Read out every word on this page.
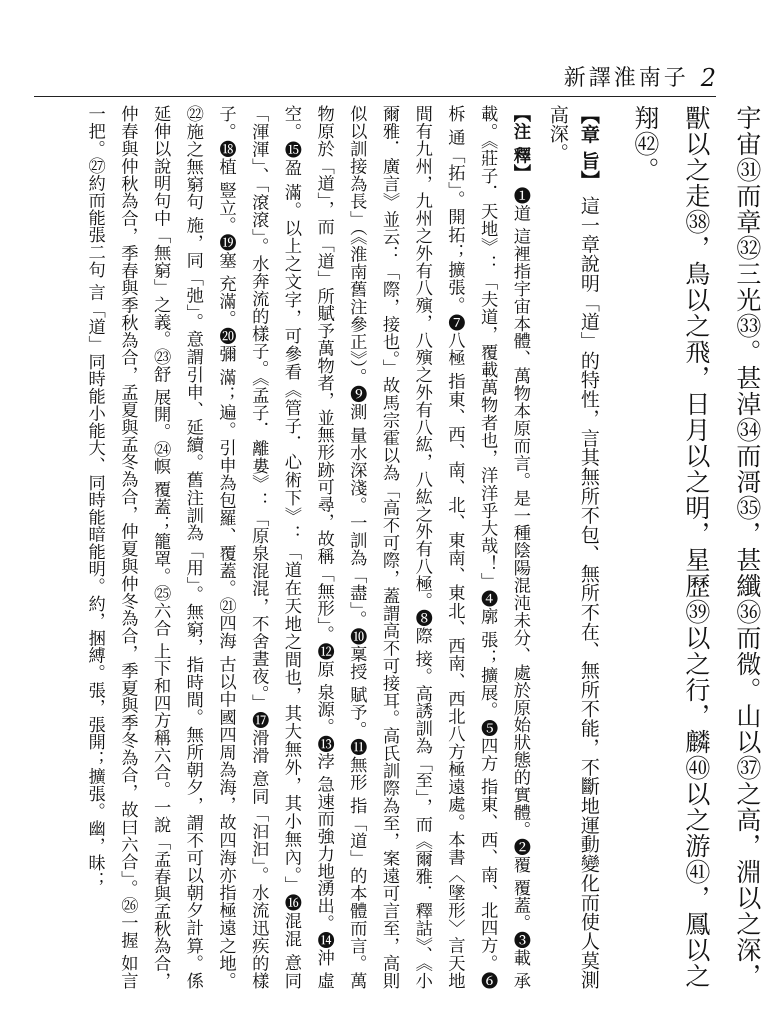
新譯淮南子 2

宇宙㉛而章㉜三光㉝。甚淖㉞而滒㉟，甚纖㊱而微。山以㊲之高，淵以之深，獸以之走㊳，鳥以之飛，日月以之明，星歷㊴以之行，麟㊵以之游㊶，鳳以之翔㊷。

【章 旨】 這一章說明「道」的特性，言其無所不包、無所不在、無所不能，不斷地運動變化而使人莫測高深。

【注 釋】 ❶道 這裡指宇宙本體、萬物本原而言。是一種陰陽混沌未分、處於原始狀態的實體。❷覆 覆蓋。❸載 承載。《莊子．天地》：「夫道，覆載萬物者也，洋洋乎大哉！」❹廓 張；擴展。❺四方 指東、西、南、北四方。❻柝 通「拓」。開拓；擴張。❼八極 指東、西、南、北、東南、東北、西南、西北八方極遠處。本書〈墬形〉言天地間有九州，九州之外有八殥，八殥之外有八紘，八紘之外有八極。❽際 接。高誘訓為「至」，而《爾雅．釋詁》、《小爾雅．廣言》並云：「際，接也。」故馬宗霍以為「高不可際，蓋謂高不可接耳。高氏訓際為至，案遠可言至，高則似以訓接為長」（《淮南舊注參正》）。❾測 量水深淺。一訓為「盡」。❿稟授 賦予。⓫無形 指「道」的本體而言。萬物原於「道」，而「道」所賦予萬物者，並無形跡可尋，故稱「無形」。⓬原 泉源。⓭浡 急速而強力地湧出。⓮沖 虛空。⓯盈 滿。以上之文字，可參看《管子．心術下》：「道在天地之間也，其大無外，其小無內。」⓰混混 意同「渾渾」、「滾滾」。水奔流的樣子。《孟子．離婁》：「原泉混混，不舍晝夜。」⓱滑滑 意同「汩汩」。水流迅疾的樣子。⓲植 豎立。⓳塞 充滿。⓴彌 滿；遍。引申為包羅、覆蓋。㉑四海 古以中國四周為海，故四海亦指極遠之地。㉒施之無窮句 施，同「弛」。意謂引申、延續。舊注訓為「用」。無窮，指時間。無所朝夕，謂不可以朝夕計算。係延伸以說明句中「無窮」之義。㉓舒 展開。㉔幎 覆蓋；籠罩。㉕六合 上下和四方稱六合。一說「孟春與孟秋為合，仲春與仲秋為合，季春與季秋為合，孟夏與孟冬為合，仲夏與仲冬為合，季夏與季冬為合，故曰六合」。㉖一握 如言一把。㉗約而能張二句 言「道」同時能小能大、同時能暗能明。約，捆縛。張，張開；擴張。幽，昧；
